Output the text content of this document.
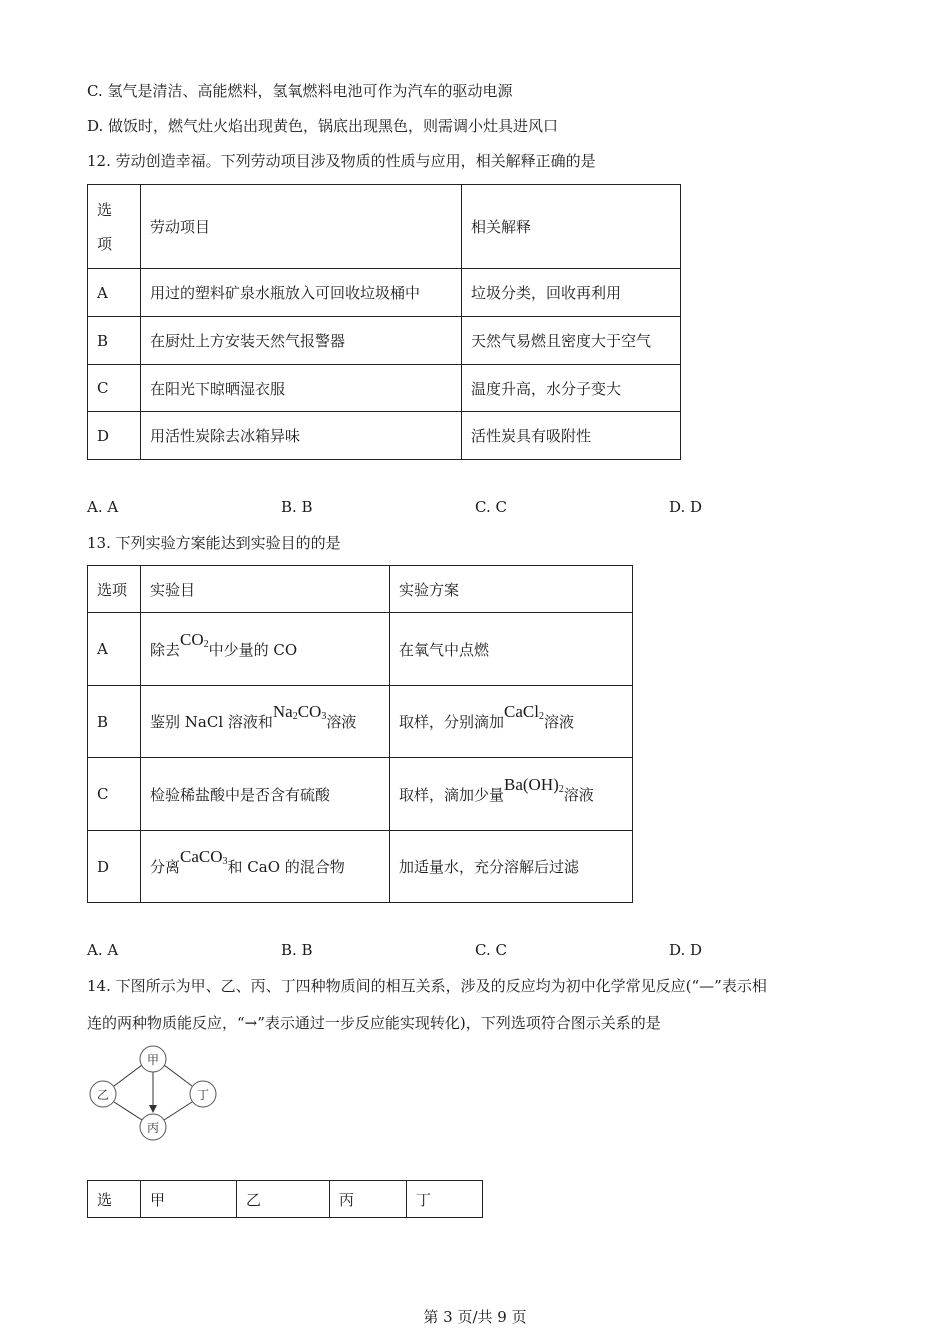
C. 氢气是清洁、高能燃料，氢氧燃料电池可作为汽车的驱动电源
D. 做饭时，燃气灶火焰出现黄色，锅底出现黑色，则需调小灶具进风口
12. 劳动创造幸福。下列劳动项目涉及物质的性质与应用，相关解释正确的是
选
项	劳动项目	相关解释
A	用过的塑料矿泉水瓶放入可回收垃圾桶中	垃圾分类，回收再利用
B	在厨灶上方安装天然气报警器	天然气易燃且密度大于空气
C	在阳光下晾晒湿衣服	温度升高，水分子变大
D	用活性炭除去冰箱异味	活性炭具有吸附性
A. A	B. B	C. C	D. D
13. 下列实验方案能达到实验目的的是
选项	实验目	实验方案
A	除去$CO_2$中少量的 CO	在氧气中点燃
B	鉴别 NaCl 溶液和$Na_2CO_3$溶液	取样，分别滴加CaCl$_2$溶液
C	检验稀盐酸中是否含有硫酸	取样，滴加少量$Ba(OH)_2$溶液
D	分离CaCO$_3$和 CaO 的混合物	加适量水，充分溶解后过滤
A. A	B. B	C. C	D. D
14. 下图所示为甲、乙、丙、丁四种物质间的相互关系，涉及的反应均为初中化学常见反应(“—”表示相
连的两种物质能反应，“→”表示通过一步反应能实现转化)，下列选项符合图示关系的是
甲
乙	丁
丙
选	甲	乙	丙	丁
第 3 页/共 9 页
